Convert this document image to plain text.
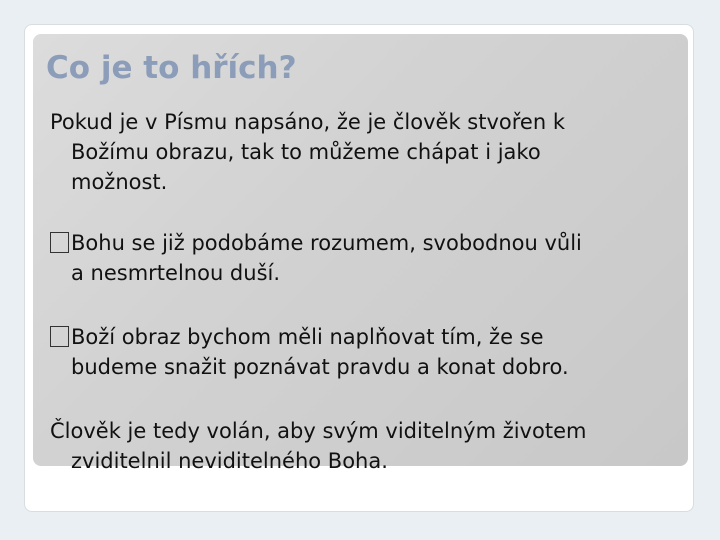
Co je to hřích?

Pokud je v Písmu napsáno, že je člověk stvořen k
Božímu obrazu, tak to můžeme chápat i jako
možnost.

Bohu se již podobáme rozumem, svobodnou vůli
a nesmrtelnou duší.

Boží obraz bychom měli naplňovat tím, že se
budeme snažit poznávat pravdu a konat dobro.

Člověk je tedy volán, aby svým viditelným životem
zviditelnil neviditelného Boha.
